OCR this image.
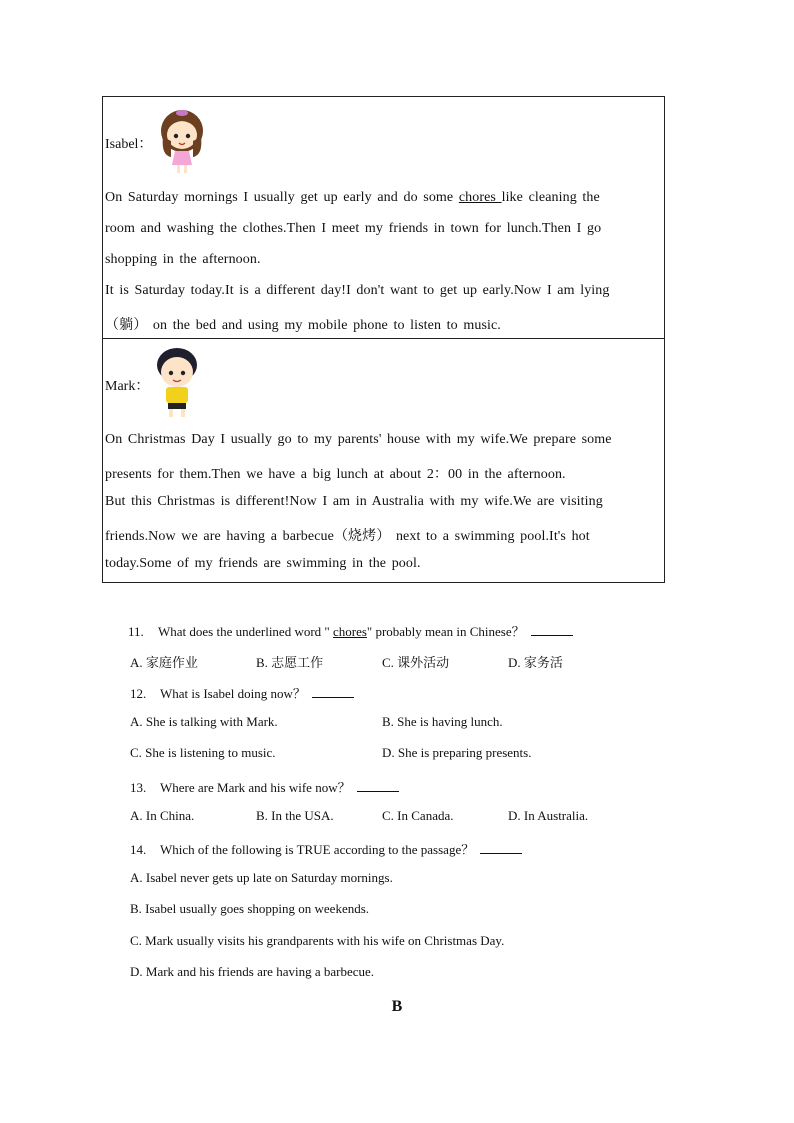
Isabel：
On Saturday mornings I usually get up early and do some chores like cleaning the
room and washing the clothes.Then I meet my friends in town for lunch.Then I go
shopping in the afternoon.
It is Saturday today.It is a different day!I don't want to get up early.Now I am lying
（躺） on the bed and using my mobile phone to listen to music.
Mark：
On Christmas Day I usually go to my parents' house with my wife.We prepare some
presents for them.Then we have a big lunch at about 2：00 in the afternoon.
But this Christmas is different!Now I am in Australia with my wife.We are visiting
friends.Now we are having a barbecue（烧烤） next to a swimming pool.It's hot
today.Some of my friends are swimming in the pool.
11. What does the underlined word " chores" probably mean in Chinese？
A. 家庭作业	B. 志愿工作	C. 课外活动	D. 家务活
12. What is Isabel doing now？
A. She is talking with Mark.	B. She is having lunch.
C. She is listening to music.	D. She is preparing presents.
13. Where are Mark and his wife now？
A. In China.	B. In the USA.	C. In Canada.	D. In Australia.
14. Which of the following is TRUE according to the passage？
A. Isabel never gets up late on Saturday mornings.
B. Isabel usually goes shopping on weekends.
C. Mark usually visits his grandparents with his wife on Christmas Day.
D. Mark and his friends are having a barbecue.
B
